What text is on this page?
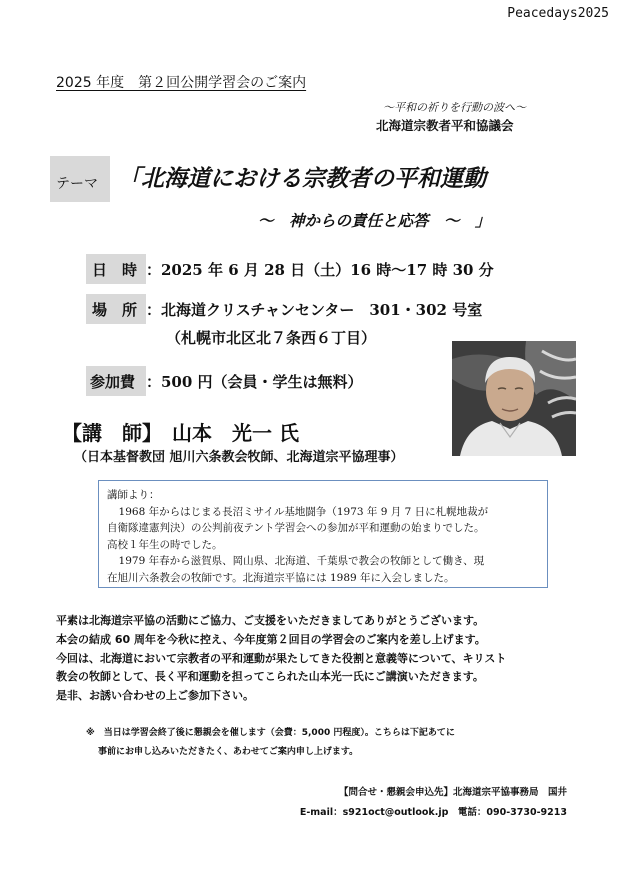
Peacedays2025
2025 年度　第２回公開学習会のご案内
～平和の祈りを行動の波へ～
北海道宗教者平和協議会
テーマ 「北海道における宗教者の平和運動
～　神からの責任と応答　～　」
日　時 ：2025 年 6 月 28 日（土）16 時～17 時 30 分
場　所 ：北海道クリスチャンセンター　301・302 号室
（札幌市北区北７条西６丁目）
参加費 ：500 円（会員・学生は無料）
【講　師】　山本　光一 氏
（日本基督教団 旭川六条教会牧師、北海道宗平協理事）
講師より：
1968 年からはじまる長沼ミサイル基地闘争（1973 年 9 月 7 日に札幌地裁が
自衛隊違憲判決）の公判前夜テント学習会への参加が平和運動の始まりでした。
高校１年生の時でした。
1979 年春から滋賀県、岡山県、北海道、千葉県で教会の牧師として働き、現
在旭川六条教会の牧師です。北海道宗平協には 1989 年に入会しました。
平素は北海道宗平協の活動にご協力、ご支援をいただきましてありがとうございます。
本会の結成 60 周年を今秋に控え、今年度第２回目の学習会のご案内を差し上げます。
今回は、北海道において宗教者の平和運動が果たしてきた役割と意義等について、キリスト
教会の牧師として、長く平和運動を担ってこられた山本光一氏にご講演いただきます。
是非、お誘い合わせの上ご参加下さい。
※　当日は学習会終了後に懇親会を催します（会費：5,000 円程度）。こちらは下記あてに
事前にお申し込みいただきたく、あわせてご案内申し上げます。
【問合せ・懇親会申込先】北海道宗平協事務局　国井
E-mail：s921oct@outlook.jp　電話：090-3730-9213
